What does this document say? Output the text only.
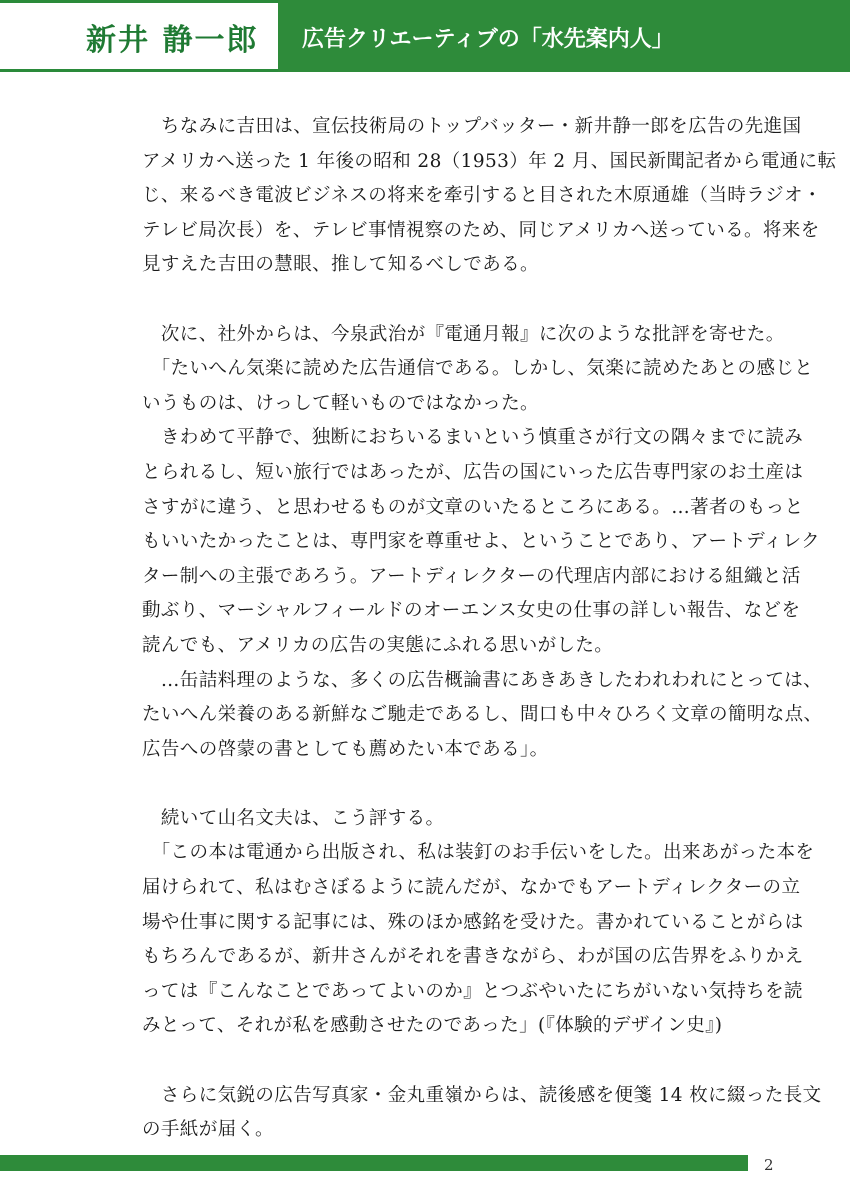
新井 静一郎 広告クリエーティブの「水先案内人」
　ちなみに吉田は、宣伝技術局のトップバッター・新井静一郎を広告の先進国
アメリカへ送った 1 年後の昭和 28（1953）年 2 月、国民新聞記者から電通に転
じ、来るべき電波ビジネスの将来を牽引すると目された木原通雄（当時ラジオ・
テレビ局次長）を、テレビ事情視察のため、同じアメリカへ送っている。将来を
見すえた吉田の慧眼、推して知るべしである。
　次に、社外からは、今泉武治が『電通月報』に次のような批評を寄せた。
　「たいへん気楽に読めた広告通信である。しかし、気楽に読めたあとの感じと
いうものは、けっして軽いものではなかった。
　きわめて平静で、独断におちいるまいという慎重さが行文の隅々までに読み
とられるし、短い旅行ではあったが、広告の国にいった広告専門家のお土産は
さすがに違う、と思わせるものが文章のいたるところにある。…著者のもっと
もいいたかったことは、専門家を尊重せよ、ということであり、アートディレク
ター制への主張であろう。アートディレクターの代理店内部における組織と活
動ぶり、マーシャルフィールドのオーエンス女史の仕事の詳しい報告、などを
読んでも、アメリカの広告の実態にふれる思いがした。
　…缶詰料理のような、多くの広告概論書にあきあきしたわれわれにとっては、
たいへん栄養のある新鮮なご馳走であるし、間口も中々ひろく文章の簡明な点、
広告への啓蒙の書としても薦めたい本である」。
　続いて山名文夫は、こう評する。
　「この本は電通から出版され、私は装釘のお手伝いをした。出来あがった本を
届けられて、私はむさぼるように読んだが、なかでもアートディレクターの立
場や仕事に関する記事には、殊のほか感銘を受けた。書かれていることがらは
もちろんであるが、新井さんがそれを書きながら、わが国の広告界をふりかえ
っては『こんなことであってよいのか』とつぶやいたにちがいない気持ちを読
みとって、それが私を感動させたのであった」(『体験的デザイン史』)
　さらに気鋭の広告写真家・金丸重嶺からは、読後感を便箋 14 枚に綴った長文
の手紙が届く。
2
